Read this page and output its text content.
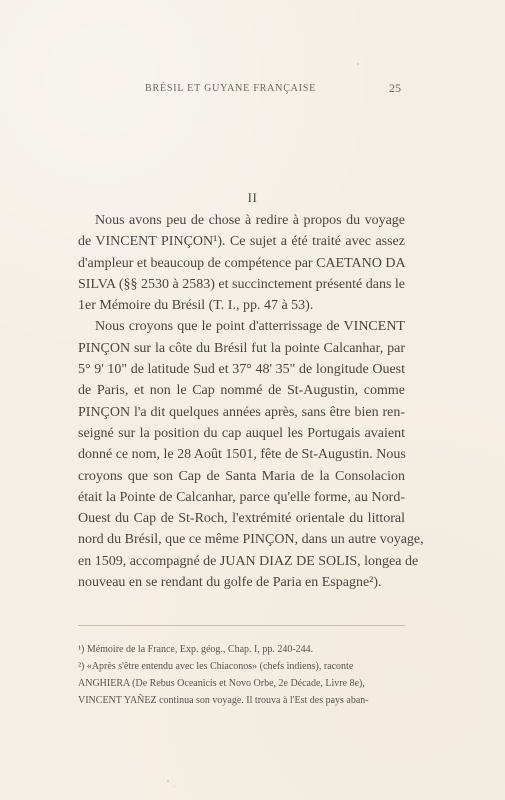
BRÉSIL ET GUYANE FRANÇAISE	25
II

Nous avons peu de chose à redire à propos du voyage
de VINCENT PINÇON¹). Ce sujet a été traité avec assez
d'ampleur et beaucoup de compétence par CAETANO DA
SILVA (§§ 2530 à 2583) et succinctement présenté dans le
1er Mémoire du Brésil (T. I., pp. 47 à 53).

Nous croyons que le point d'atterrissage de VINCENT
PINÇON sur la côte du Brésil fut la pointe Calcanhar, par
5° 9' 10" de latitude Sud et 37° 48' 35" de longitude Ouest
de Paris, et non le Cap nommé de St-Augustin, comme
PINÇON l'a dit quelques années après, sans être bien ren-
seigné sur la position du cap auquel les Portugais avaient
donné ce nom, le 28 Août 1501, fête de St-Augustin. Nous
croyons que son Cap de Santa Maria de la Consolacion
était la Pointe de Calcanhar, parce qu'elle forme, au Nord-
Ouest du Cap de St-Roch, l'extrémité orientale du littoral
nord du Brésil, que ce même PINÇON, dans un autre voyage,
en 1509, accompagné de JUAN DIAZ DE SOLIS, longea de
nouveau en se rendant du golfe de Paria en Espagne²).

¹) Mémoire de la France, Exp. géog., Chap. I, pp. 240-244.
²) «Après s'être entendu avec les Chiaconos» (chefs indiens), raconte
ANGHIERA (De Rebus Oceanicis et Novo Orbe, 2e Décade, Livre 8e),
VINCENT YAÑEZ continua son voyage. Il trouva à l'Est des pays aban-
